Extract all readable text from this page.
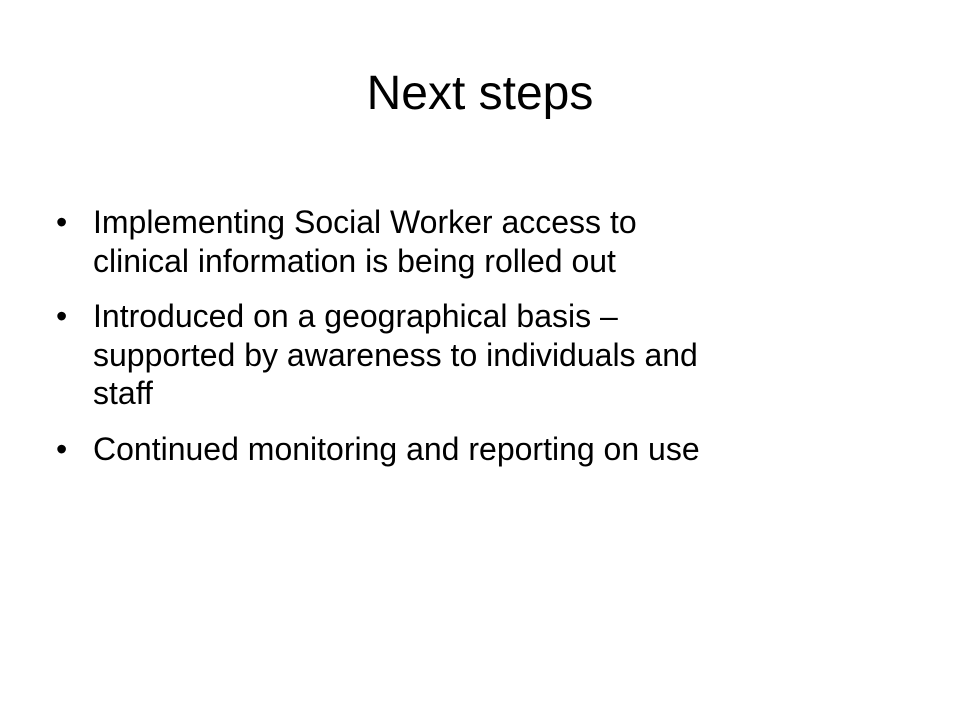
Next steps
• Implementing Social Worker access to
clinical information is being rolled out
• Introduced on a geographical basis –
supported by awareness to individuals and
staff
• Continued monitoring and reporting on use
